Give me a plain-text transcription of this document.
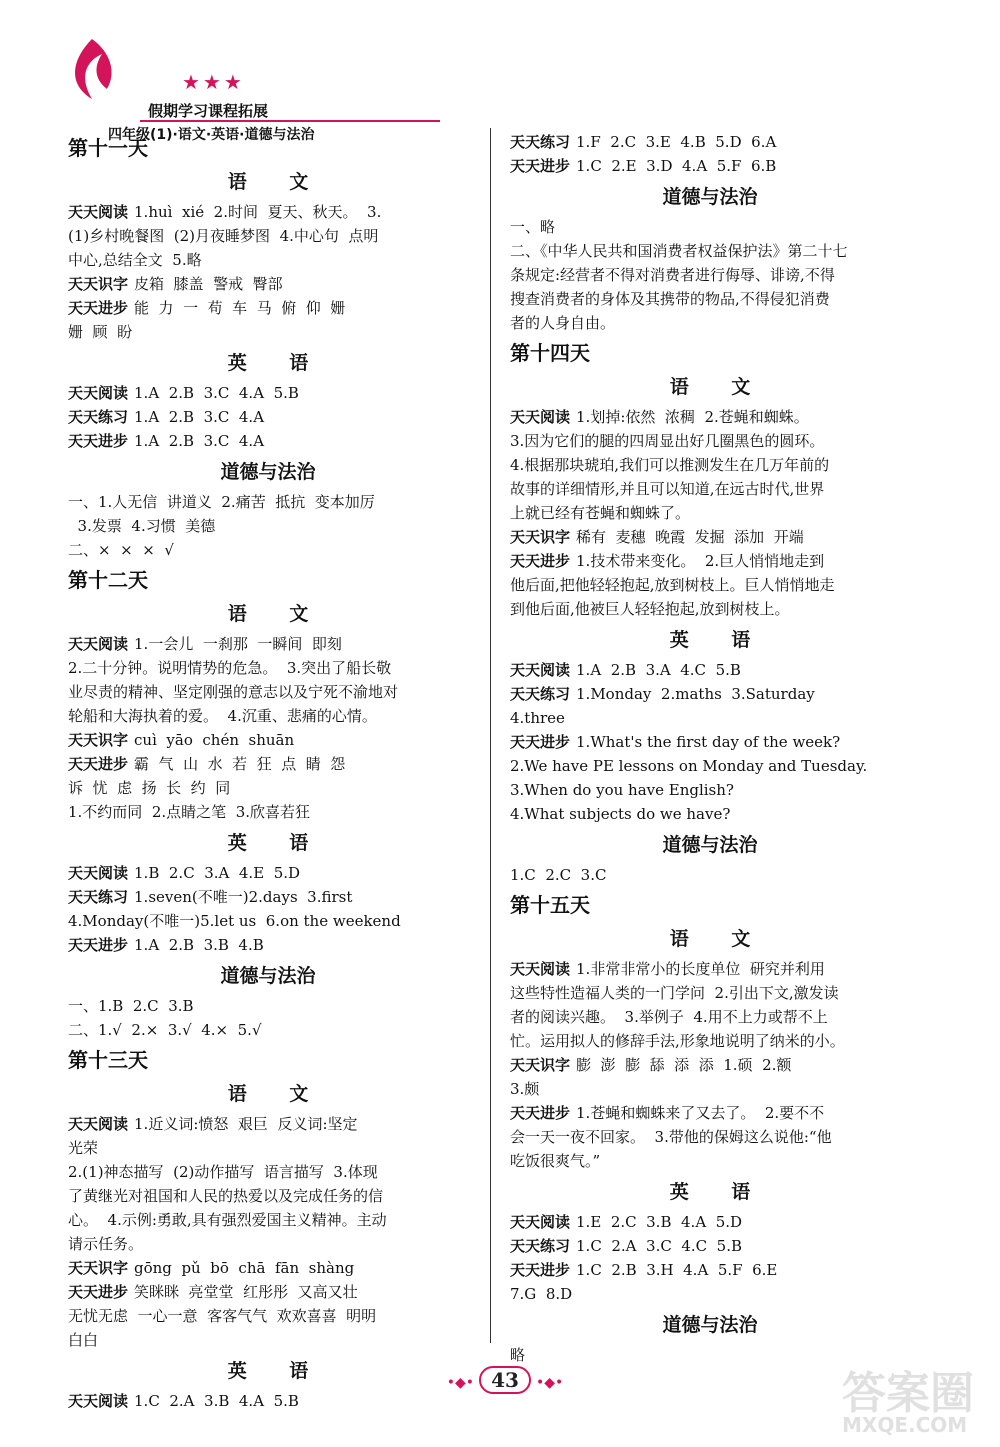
★★★
假期学习课程拓展
四年级(1)·语文·英语·道德与法治
第十一天
语 文
天天阅读 1.huì  xié  2.时间  夏天、秋天。  3.
(1)乡村晚餐图  (2)月夜睡梦图  4.中心句  点明
中心,总结全文  5.略
天天识字 皮箱  膝盖  警戒  臀部
天天进步 能  力  一  苟  车  马  俯  仰  姗
姗  顾  盼
英 语
天天阅读 1.A  2.B  3.C  4.A  5.B
天天练习 1.A  2.B  3.C  4.A
天天进步 1.A  2.B  3.C  4.A
道德与法治
一、1.人无信  讲道义  2.痛苦  抵抗  变本加厉
3.发票  4.习惯  美德
二、×  ×  ×  √
第十二天
语 文
天天阅读 1.一会儿  一刹那  一瞬间  即刻
2.二十分钟。说明情势的危急。  3.突出了船长敬
业尽责的精神、坚定刚强的意志以及宁死不渝地对
轮船和大海执着的爱。  4.沉重、悲痛的心情。
天天识字 cuì  yāo  chén  shuān
天天进步 霸  气  山  水  若  狂  点  睛  怨
诉  忧  虑  扬  长  约  同
1.不约而同  2.点睛之笔  3.欣喜若狂
英 语
天天阅读 1.B  2.C  3.A  4.E  5.D
天天练习 1.seven(不唯一)2.days  3.first
4.Monday(不唯一)5.let us  6.on the weekend
天天进步 1.A  2.B  3.B  4.B
道德与法治
一、1.B  2.C  3.B
二、1.√  2.×  3.√  4.×  5.√
第十三天
语 文
天天阅读 1.近义词:愤怒  艰巨  反义词:坚定
光荣
2.(1)神态描写  (2)动作描写  语言描写  3.体现
了黄继光对祖国和人民的热爱以及完成任务的信
心。  4.示例:勇敢,具有强烈爱国主义精神。主动
请示任务。
天天识字 gōng  pǔ  bō  chā  fān  shàng
天天进步 笑眯眯  亮堂堂  红彤彤  又高又壮
无忧无虑  一心一意  客客气气  欢欢喜喜  明明
白白
英 语
天天阅读 1.C  2.A  3.B  4.A  5.B
天天练习 1.F  2.C  3.E  4.B  5.D  6.A
天天进步 1.C  2.E  3.D  4.A  5.F  6.B
道德与法治
一、略
二、《中华人民共和国消费者权益保护法》第二十七
条规定:经营者不得对消费者进行侮辱、诽谤,不得
搜查消费者的身体及其携带的物品,不得侵犯消费
者的人身自由。
第十四天
语 文
天天阅读 1.划掉:依然  浓稠  2.苍蝇和蜘蛛。
3.因为它们的腿的四周显出好几圈黑色的圆环。
4.根据那块琥珀,我们可以推测发生在几万年前的
故事的详细情形,并且可以知道,在远古时代,世界
上就已经有苍蝇和蜘蛛了。
天天识字 稀有  麦穗  晚霞  发掘  添加  开端
天天进步 1.技术带来变化。  2.巨人悄悄地走到
他后面,把他轻轻抱起,放到树枝上。巨人悄悄地走
到他后面,他被巨人轻轻抱起,放到树枝上。
英 语
天天阅读 1.A  2.B  3.A  4.C  5.B
天天练习 1.Monday  2.maths  3.Saturday
4.three
天天进步 1.What's the first day of the week?
2.We have PE lessons on Monday and Tuesday.
3.When do you have English?
4.What subjects do we have?
道德与法治
1.C  2.C  3.C
第十五天
语 文
天天阅读 1.非常非常小的长度单位  研究并利用
这些特性造福人类的一门学问  2.引出下文,激发读
者的阅读兴趣。  3.举例子  4.用不上力或帮不上
忙。运用拟人的修辞手法,形象地说明了纳米的小。
天天识字 膨  澎  膨  舔  添  添  1.硕  2.额
3.颇
天天进步 1.苍蝇和蜘蛛来了又去了。  2.要不不
会一天一夜不回家。  3.带他的保姆这么说他:“他
吃饭很爽气。”
英 语
天天阅读 1.E  2.C  3.B  4.A  5.D
天天练习 1.C  2.A  3.C  4.C  5.B
天天进步 1.C  2.B  3.H  4.A  5.F  6.E
7.G  8.D
道德与法治
略
•◆• 43 •◆•	答案圈
MXQE.COM
